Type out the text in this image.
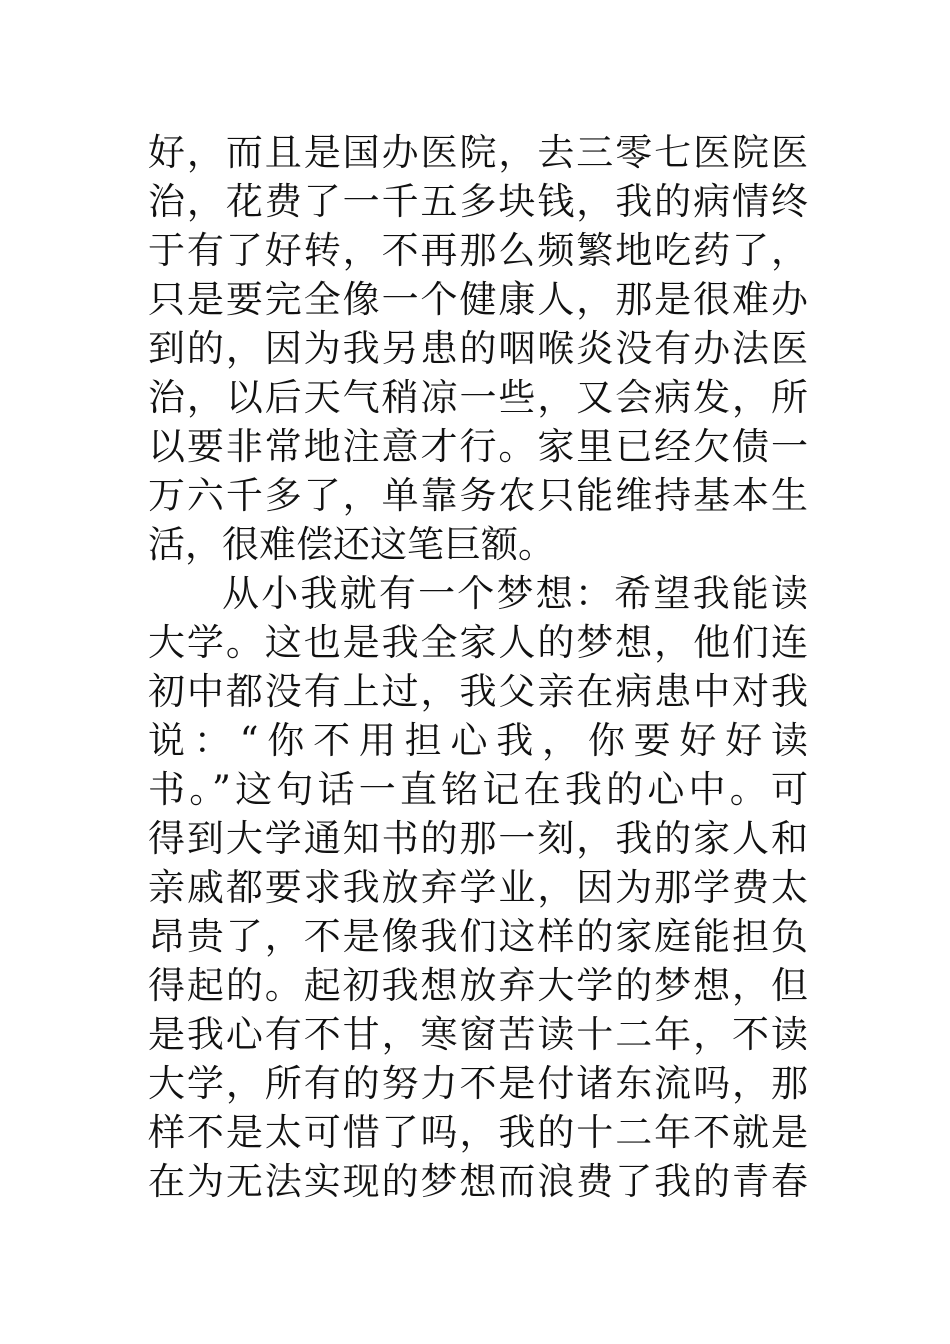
好，而且是国办医院，去三零七医院医
治，花费了一千五多块钱，我的病情终
于有了好转，不再那么频繁地吃药了，
只是要完全像一个健康人，那是很难办
到的，因为我另患的咽喉炎没有办法医
治，以后天气稍凉一些，又会病发，所
以要非常地注意才行。家里已经欠债一
万六千多了，单靠务农只能维持基本生
活，很难偿还这笔巨额。
从小我就有一个梦想：希望我能读
大学。这也是我全家人的梦想，他们连
初中都没有上过，我父亲在病患中对我
说：“你不用担心我，你要好好读
书。”这句话一直铭记在我的心中。可
得到大学通知书的那一刻，我的家人和
亲戚都要求我放弃学业，因为那学费太
昂贵了，不是像我们这样的家庭能担负
得起的。起初我想放弃大学的梦想，但
是我心有不甘，寒窗苦读十二年，不读
大学，所有的努力不是付诸东流吗，那
样不是太可惜了吗，我的十二年不就是
在为无法实现的梦想而浪费了我的青春
